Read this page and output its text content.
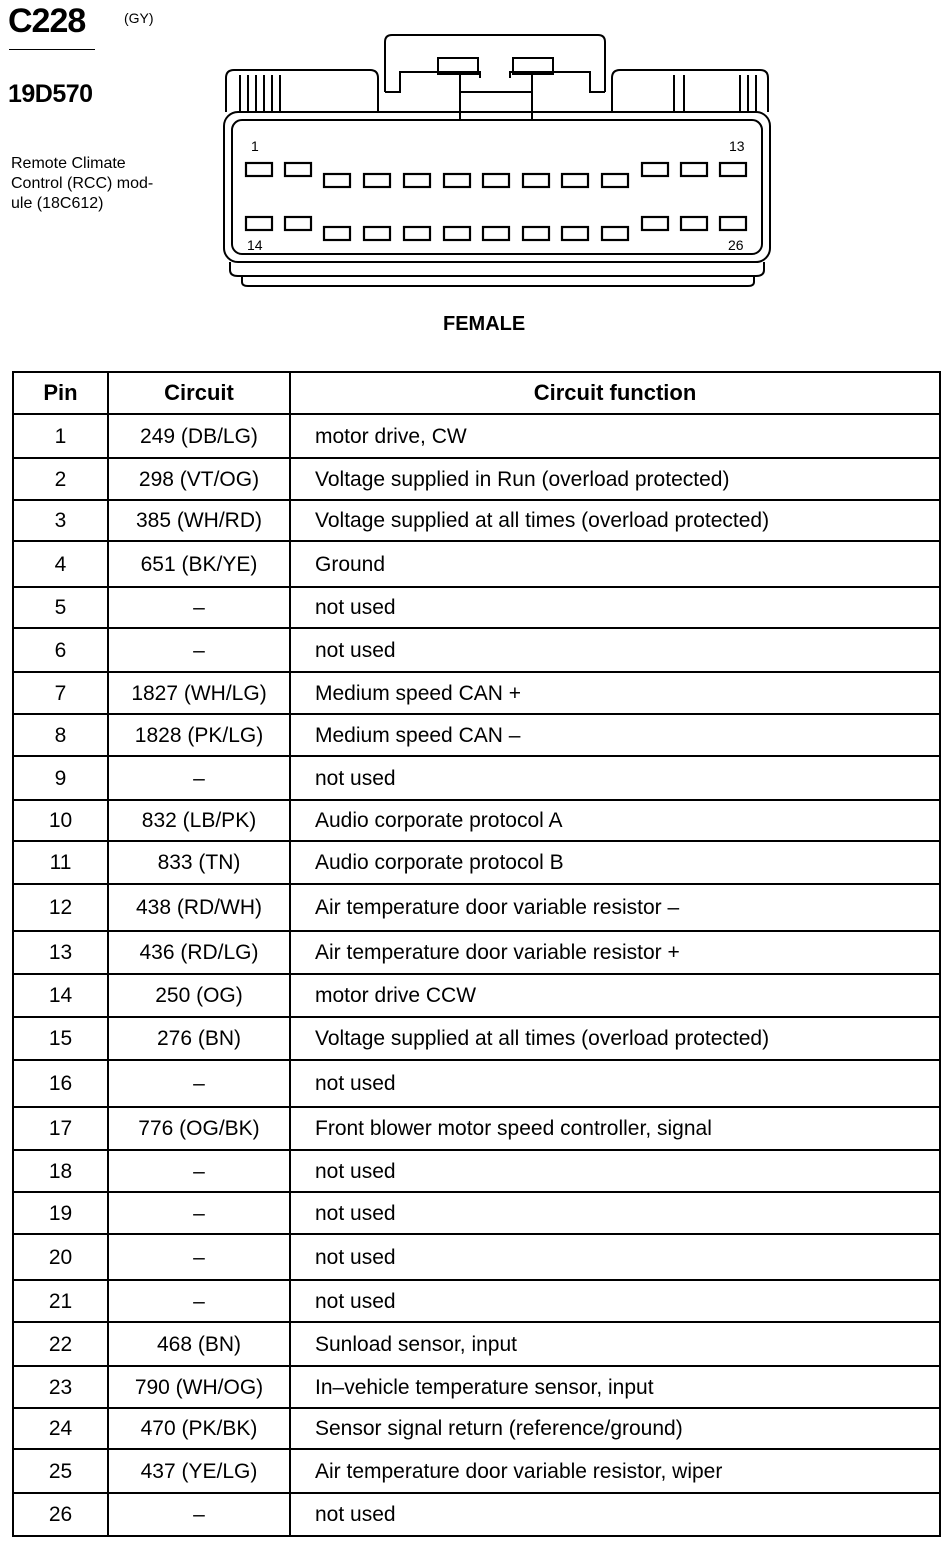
C228	(GY)
19D570
Remote Climate
Control (RCC) mod-
ule (18C612)
1	13
14	26
FEMALE
Pin	Circuit	Circuit function
1	249 (DB/LG)	motor drive, CW
2	298 (VT/OG)	Voltage supplied in Run (overload protected)
3	385 (WH/RD)	Voltage supplied at all times (overload protected)
4	651 (BK/YE)	Ground
5	–	not used
6	–	not used
7	1827 (WH/LG)	Medium speed CAN +
8	1828 (PK/LG)	Medium speed CAN –
9	–	not used
10	832 (LB/PK)	Audio corporate protocol A
11	833 (TN)	Audio corporate protocol B
12	438 (RD/WH)	Air temperature door variable resistor –
13	436 (RD/LG)	Air temperature door variable resistor +
14	250 (OG)	motor drive CCW
15	276 (BN)	Voltage supplied at all times (overload protected)
16	–	not used
17	776 (OG/BK)	Front blower motor speed controller, signal
18	–	not used
19	–	not used
20	–	not used
21	–	not used
22	468 (BN)	Sunload sensor, input
23	790 (WH/OG)	In–vehicle temperature sensor, input
24	470 (PK/BK)	Sensor signal return (reference/ground)
25	437 (YE/LG)	Air temperature door variable resistor, wiper
26	–	not used
